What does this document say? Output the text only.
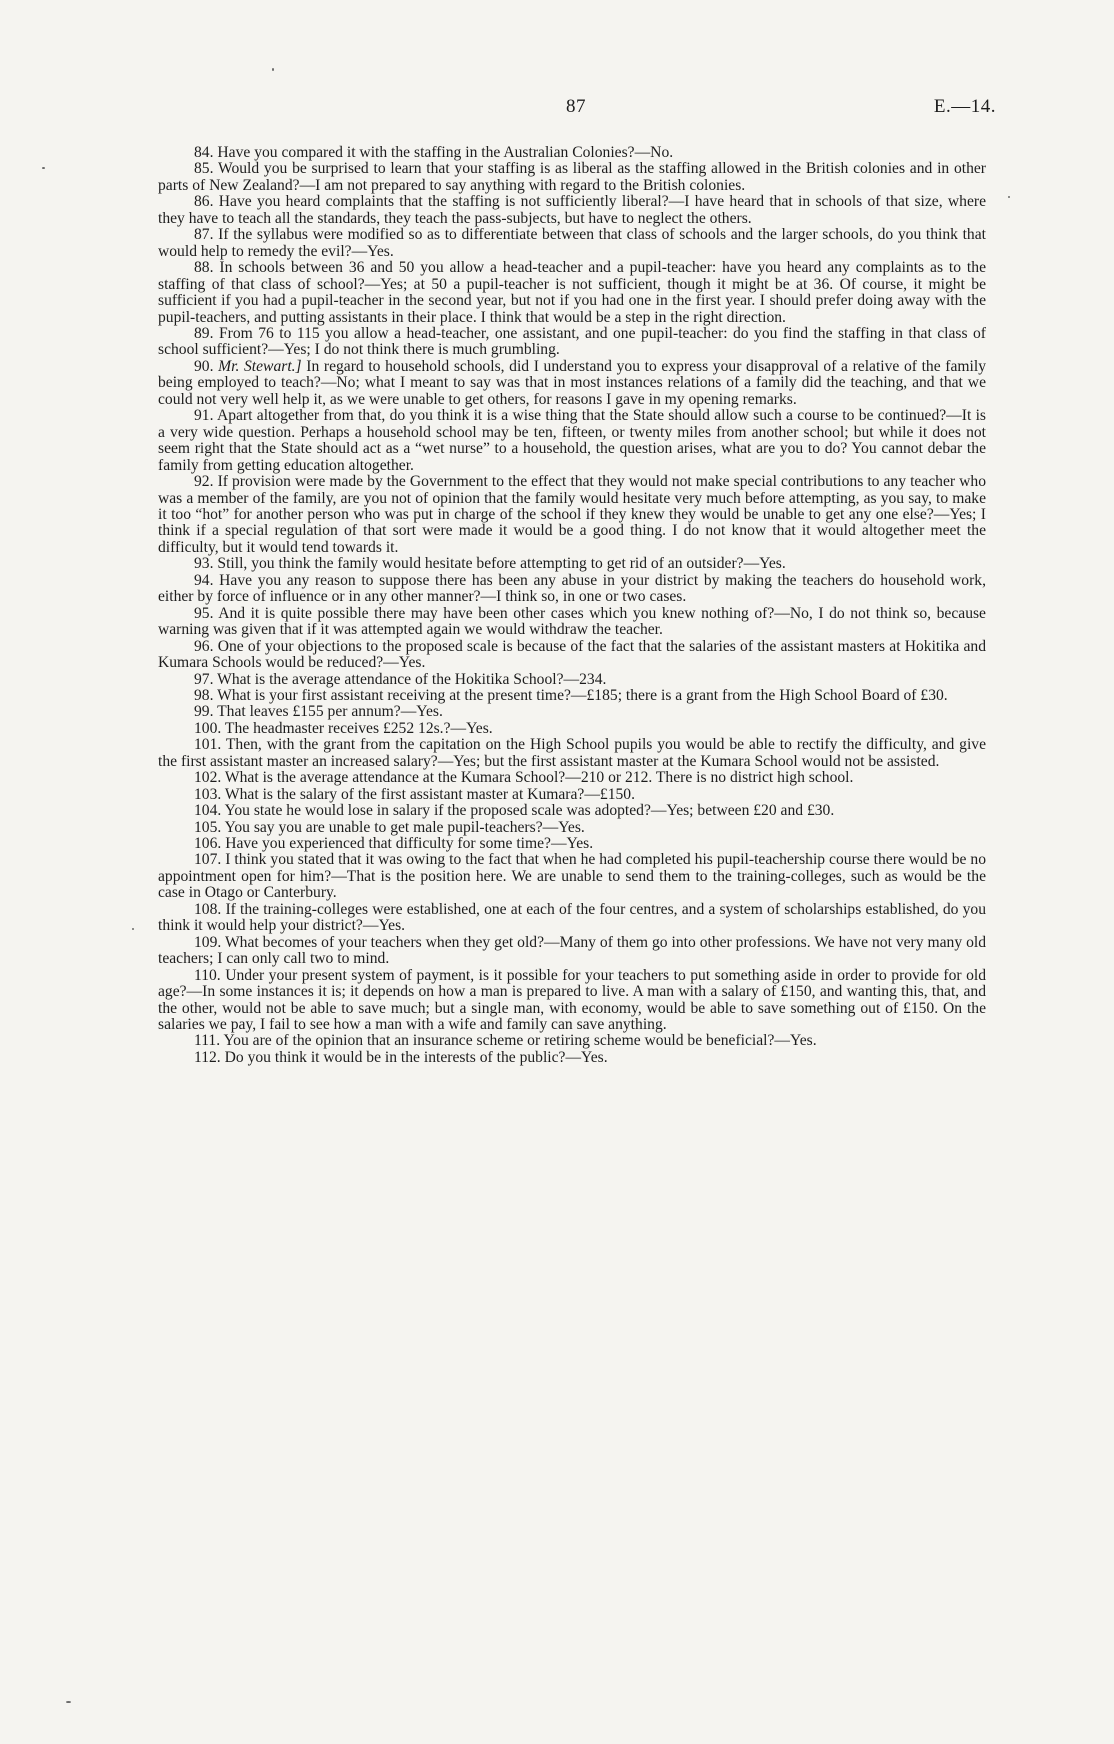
87	E.—14.

84. Have you compared it with the staffing in the Australian Colonies?—No.

85. Would you be surprised to learn that your staffing is as liberal as the staffing allowed in the British colonies and in other parts of New Zealand?—I am not prepared to say anything with regard to the British colonies.

86. Have you heard complaints that the staffing is not sufficiently liberal?—I have heard that in schools of that size, where they have to teach all the standards, they teach the pass-subjects, but have to neglect the others.

87. If the syllabus were modified so as to differentiate between that class of schools and the larger schools, do you think that would help to remedy the evil?—Yes.

88. In schools between 36 and 50 you allow a head-teacher and a pupil-teacher: have you heard any complaints as to the staffing of that class of school?—Yes; at 50 a pupil-teacher is not sufficient, though it might be at 36. Of course, it might be sufficient if you had a pupil-teacher in the second year, but not if you had one in the first year. I should prefer doing away with the pupil-teachers, and putting assistants in their place. I think that would be a step in the right direction.

89. From 76 to 115 you allow a head-teacher, one assistant, and one pupil-teacher: do you find the staffing in that class of school sufficient?—Yes; I do not think there is much grumbling.

90. Mr. Stewart.] In regard to household schools, did I understand you to express your disapproval of a relative of the family being employed to teach?—No; what I meant to say was that in most instances relations of a family did the teaching, and that we could not very well help it, as we were unable to get others, for reasons I gave in my opening remarks.

91. Apart altogether from that, do you think it is a wise thing that the State should allow such a course to be continued?—It is a very wide question. Perhaps a household school may be ten, fifteen, or twenty miles from another school; but while it does not seem right that the State should act as a “wet nurse” to a household, the question arises, what are you to do? You cannot debar the family from getting education altogether.

92. If provision were made by the Government to the effect that they would not make special contributions to any teacher who was a member of the family, are you not of opinion that the family would hesitate very much before attempting, as you say, to make it too “hot” for another person who was put in charge of the school if they knew they would be unable to get any one else?—Yes; I think if a special regulation of that sort were made it would be a good thing. I do not know that it would altogether meet the difficulty, but it would tend towards it.

93. Still, you think the family would hesitate before attempting to get rid of an outsider?—Yes.

94. Have you any reason to suppose there has been any abuse in your district by making the teachers do household work, either by force of influence or in any other manner?—I think so, in one or two cases.

95. And it is quite possible there may have been other cases which you knew nothing of?—No, I do not think so, because warning was given that if it was attempted again we would withdraw the teacher.

96. One of your objections to the proposed scale is because of the fact that the salaries of the assistant masters at Hokitika and Kumara Schools would be reduced?—Yes.

97. What is the average attendance of the Hokitika School?—234.

98. What is your first assistant receiving at the present time?—£185; there is a grant from the High School Board of £30.

99. That leaves £155 per annum?—Yes.

100. The headmaster receives £252 12s.?—Yes.

101. Then, with the grant from the capitation on the High School pupils you would be able to rectify the difficulty, and give the first assistant master an increased salary?—Yes; but the first assistant master at the Kumara School would not be assisted.

102. What is the average attendance at the Kumara School?—210 or 212. There is no district high school.

103. What is the salary of the first assistant master at Kumara?—£150.

104. You state he would lose in salary if the proposed scale was adopted?—Yes; between £20 and £30.

105. You say you are unable to get male pupil-teachers?—Yes.

106. Have you experienced that difficulty for some time?—Yes.

107. I think you stated that it was owing to the fact that when he had completed his pupil-teachership course there would be no appointment open for him?—That is the position here. We are unable to send them to the training-colleges, such as would be the case in Otago or Canterbury.

108. If the training-colleges were established, one at each of the four centres, and a system of scholarships established, do you think it would help your district?—Yes.

109. What becomes of your teachers when they get old?—Many of them go into other professions. We have not very many old teachers; I can only call two to mind.

110. Under your present system of payment, is it possible for your teachers to put something aside in order to provide for old age?—In some instances it is; it depends on how a man is prepared to live. A man with a salary of £150, and wanting this, that, and the other, would not be able to save much; but a single man, with economy, would be able to save something out of £150. On the salaries we pay, I fail to see how a man with a wife and family can save anything.

111. You are of the opinion that an insurance scheme or retiring scheme would be beneficial?—Yes.

112. Do you think it would be in the interests of the public?—Yes.
